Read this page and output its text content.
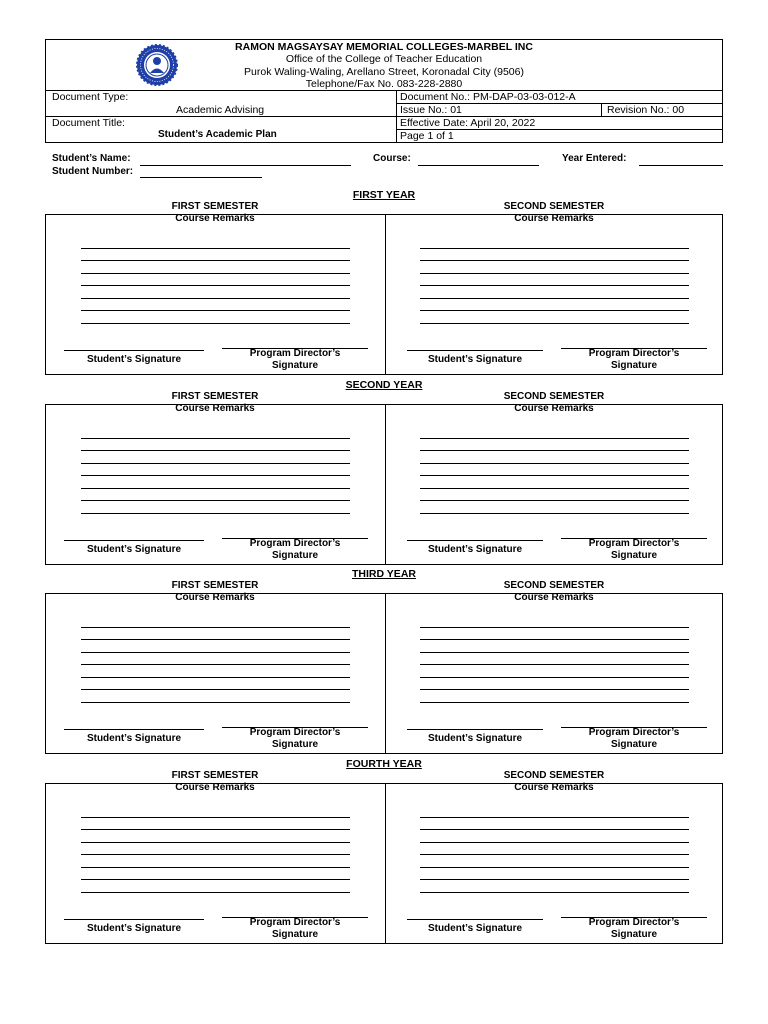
RAMON MAGSAYSAY MEMORIAL COLLEGES-MARBEL INC
Office of the College of Teacher Education
Purok Waling-Waling, Arellano Street, Koronadal City (9506)
Telephone/Fax No. 083-228-2880
Document Type:
Academic Advising
Document No.: PM-DAP-03-03-012-A
Issue No.: 01	Revision No.: 00
Document Title:
Student’s Academic Plan
Effective Date: April 20, 2022
Page 1 of 1
Student’s Name:	Course:	Year Entered:
Student Number:
FIRST YEAR
FIRST SEMESTER	SECOND SEMESTER
Course Remarks	Course Remarks
Student’s Signature
Program Director’s
Signature
Student’s Signature
Program Director’s
Signature
SECOND YEAR
FIRST SEMESTER	SECOND SEMESTER
Course Remarks	Course Remarks
Student’s Signature
Program Director’s
Signature
Student’s Signature
Program Director’s
Signature
THIRD YEAR
FIRST SEMESTER	SECOND SEMESTER
Course Remarks	Course Remarks
Student’s Signature
Program Director’s
Signature
Student’s Signature
Program Director’s
Signature
FOURTH YEAR
FIRST SEMESTER	SECOND SEMESTER
Course Remarks	Course Remarks
Student’s Signature
Program Director’s
Signature
Student’s Signature
Program Director’s
Signature
